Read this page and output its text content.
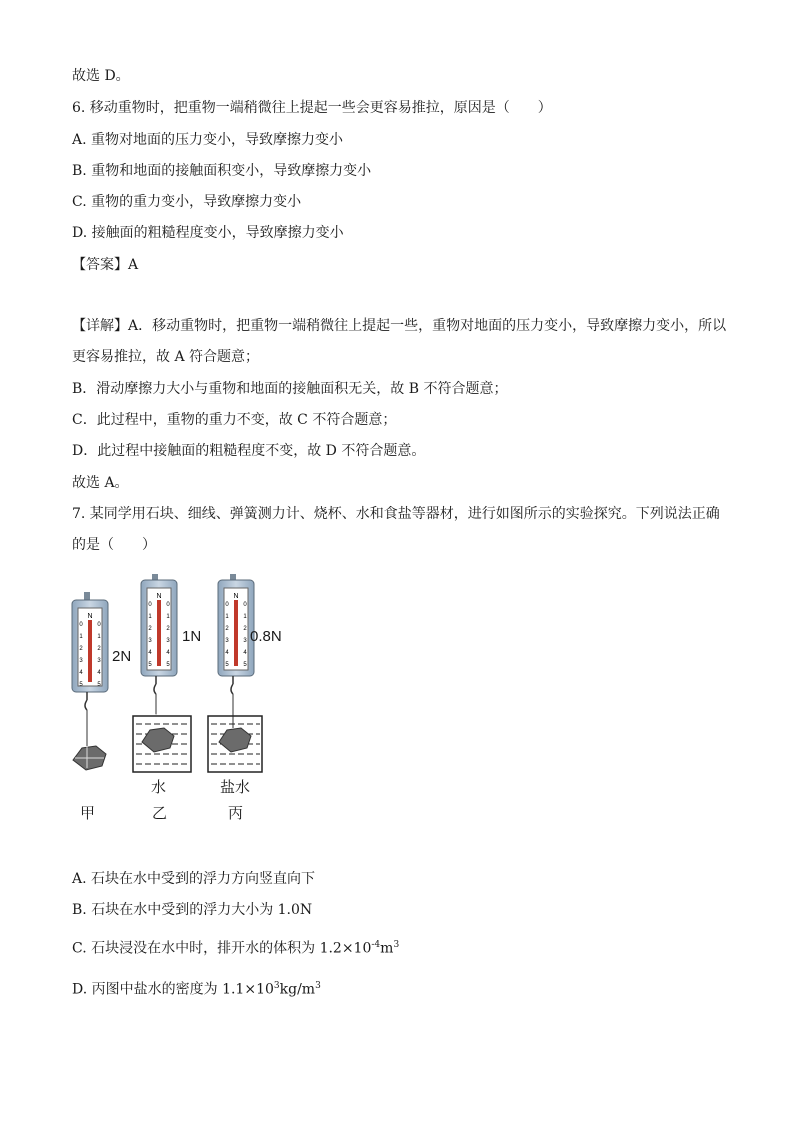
故选 D。
6. 移动重物时，把重物一端稍微往上提起一些会更容易推拉，原因是（　　）
A. 重物对地面的压力变小，导致摩擦力变小
B. 重物和地面的接触面积变小，导致摩擦力变小
C. 重物的重力变小，导致摩擦力变小
D. 接触面的粗糙程度变小，导致摩擦力变小
【答案】A
【详解】A．移动重物时，把重物一端稍微往上提起一些，重物对地面的压力变小，导致摩擦力变小，所以
更容易推拉，故 A 符合题意；
B．滑动摩擦力大小与重物和地面的接触面积无关，故 B 不符合题意；
C．此过程中，重物的重力不变，故 C 不符合题意；
D．此过程中接触面的粗糙程度不变，故 D 不符合题意。
故选 A。
7. 某同学用石块、细线、弹簧测力计、烧杯、水和食盐等器材，进行如图所示的实验探究。下列说法正确
的是（　　）
N
0 0
1 1
2 2
3 3
4 4
5 5
N
0 0
1 1
2 2
3 3
4 4
5 5
N
0 0
1 1
2 2
3 3
4 4
5 5
2N
1N	0.8N
水	盐水
甲	乙	丙
A. 石块在水中受到的浮力方向竖直向下
B. 石块在水中受到的浮力大小为 1.0N
C. 石块浸没在水中时，排开水的体积为 $1.2\times 10^{-4}m^3$
D. 丙图中盐水的密度为 $1.1\times 10^3kg/m^3$
